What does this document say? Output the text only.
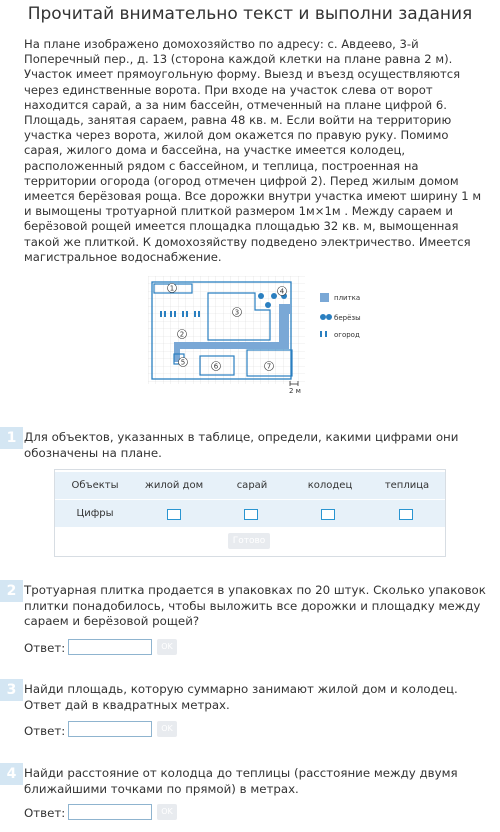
Прочитай внимательно текст и выполни задания
На плане изображено домохозяйство по адресу: с. Авдеево, 3-й Поперечный пер., д. 13 (сторона каждой клетки на плане равна 2 м). Участок имеет прямоугольную форму. Выезд и въезд осуществляются через единственные ворота. При входе на участок слева от ворот находится сарай, а за ним бассейн, отмеченный на плане цифрой 6. Площадь, занятая сараем, равна 48 кв. м. Если войти на территорию участка через ворота, жилой дом окажется по правую руку. Помимо сарая, жилого дома и бассейна, на участке имеется колодец, расположенный рядом с бассейном, и теплица, построенная на территории огорода (огород отмечен цифрой 2). Перед жилым домом имеется берёзовая роща. Все дорожки внутри участка имеют ширину 1 м и вымощены тротуарной плиткой размером 1м×1м . Между сараем и берёзовой рощей имеется площадка площадью 32 кв. м, вымощенная такой же плиткой. К домохозяйству подведено электричество. Имеется магистральное водоснабжение.
1
2
3
4
5	6	7
плитка
берёзы
огород
2 м
1 Для объектов, указанных в таблице, определи, какими цифрами они обозначены на плане.
Объекты	жилой дом	сарай	колодец	теплица
Цифры
Готово
2 Тротуарная плитка продается в упаковках по 20 штук. Сколько упаковок плитки понадобилось, чтобы выложить все дорожки и площадку между сараем и берёзовой рощей?
Ответ:	OK
3 Найди площадь, которую суммарно занимают жилой дом и колодец. Ответ дай в квадратных метрах.
Ответ:	OK
4 Найди расстояние от колодца до теплицы (расстояние между двумя ближайшими точками по прямой) в метрах.
Ответ:	OK
